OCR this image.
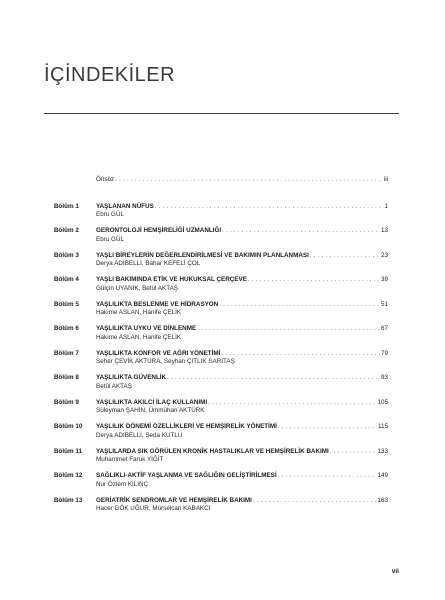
İÇİNDEKİLER
Önsöz . . .	iii
Bölüm 1	YAŞLANAN NÜFUS . . .	1
Ebru GÜL
Bölüm 2	GERONTOLOJİ HEMŞİRELİĞİ UZMANLIĞI . . .	13
Ebru GÜL
Bölüm 3	YAŞLI BİREYLERİN DEĞERLENDİRİLMESİ VE BAKIMIN PLANLANMASI . . .	23
Derya ADIBELLİ, Bahar KEFELİ ÇOL
Bölüm 4	YAŞLI BAKIMINDA ETİK VE HUKUKSAL ÇERÇEVE . . .	39
Gülçin UYANIK, Betül AKTAŞ
Bölüm 5	YAŞLILIKTA BESLENME VE HİDRASYON . . .	51
Hakime ASLAN, Hanife ÇELİK
Bölüm 6	YAŞLILIKTA UYKU VE DİNLENME . . .	67
Hakime ASLAN, Hanife ÇELİK
Bölüm 7	YAŞLILIKTA KONFOR VE AĞRI YÖNETİMİ . . .	79
Seher ÇEVİK AKTURA, Seyhan ÇITLIK SARITAŞ
Bölüm 8	YAŞLILIKTA GÜVENLİK . . .	93
Betül AKTAŞ
Bölüm 9	YAŞLILIKTA AKILCI İLAÇ KULLANIMI . . .	105
Süleyman ŞAHİN, Ümmühan AKTÜRK
Bölüm 10	YAŞLILIK DÖNEMİ ÖZELLİKLERİ VE HEMŞİRELİK YÖNETİMİ . . .	115
Derya ADIBELLİ, Seda KUTLU
Bölüm 11	YAŞLILARDA SIK GÖRÜLEN KRONİK HASTALIKLAR VE HEMŞİRELİK BAKIMI . . .	133
Muhammet Faruk YİĞİT
Bölüm 12	SAĞLIKLI-AKTİF YAŞLANMA VE SAĞLIĞIN GELİŞTİRİLMESİ . . .	149
Nur Özlem KILINÇ
Bölüm 13	GERİATRİK SENDROMLAR VE HEMŞİRELİK BAKIMI . . .	163
Hacer GÖK UĞUR, Mürselcan KABAKCI
vii
